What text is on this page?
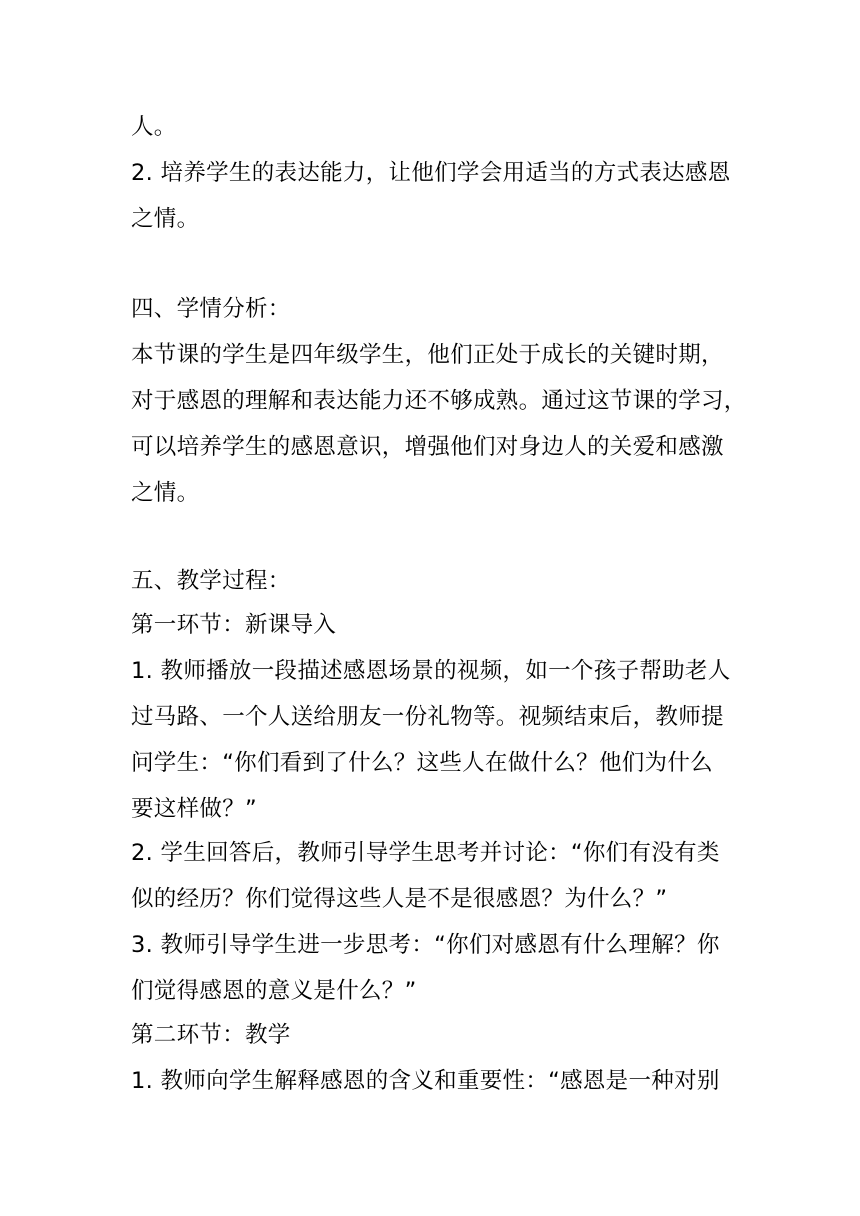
人。
2. 培养学生的表达能力，让他们学会用适当的方式表达感恩
之情。
四、学情分析：
本节课的学生是四年级学生，他们正处于成长的关键时期，
对于感恩的理解和表达能力还不够成熟。通过这节课的学习，
可以培养学生的感恩意识，增强他们对身边人的关爱和感激
之情。
五、教学过程：
第一环节：新课导入
1. 教师播放一段描述感恩场景的视频，如一个孩子帮助老人
过马路、一个人送给朋友一份礼物等。视频结束后，教师提
问学生：“你们看到了什么？这些人在做什么？他们为什么
要这样做？”
2. 学生回答后，教师引导学生思考并讨论：“你们有没有类
似的经历？你们觉得这些人是不是很感恩？为什么？”
3. 教师引导学生进一步思考：“你们对感恩有什么理解？你
们觉得感恩的意义是什么？”
第二环节：教学
1. 教师向学生解释感恩的含义和重要性：“感恩是一种对别
